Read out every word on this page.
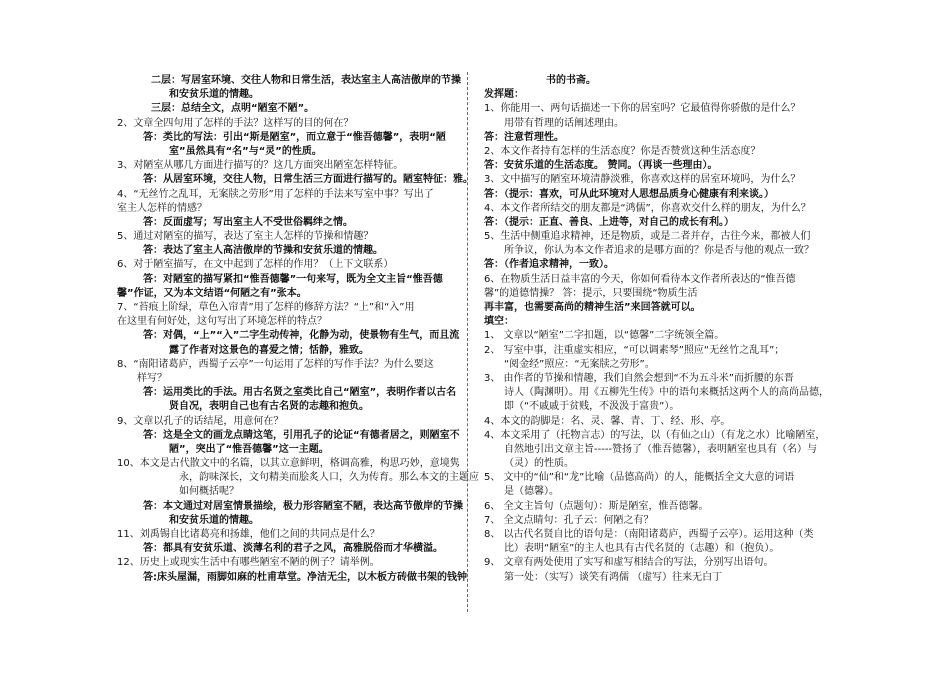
二层：写居室环境、交往人物和日常生活，表达室主人高洁傲岸的节操
和安贫乐道的情趣。
三层：总结全文，点明“陋室不陋”。
2、文章全四句用了怎样的手法？这样写的目的何在？
答：类比的写法：引出“斯是陋室”，而立意于“惟吾德馨”，表明“陋
室”虽然具有“名”与“灵”的性质。
3、对陋室从哪几方面进行描写的？这几方面突出陋室怎样特征。
答：从居室环境，交往人物，日常生活三方面进行描写的。陋室特征：雅。
4、“无丝竹之乱耳，无案牍之劳形”用了怎样的手法来写室中事？写出了
室主人怎样的情感？
答：反面虚写；写出室主人不受世俗羁绊之情。
5、通过对陋室的描写，表达了室主人怎样的节操和情趣？
答：表达了室主人高洁傲岸的节操和安贫乐道的情趣。
6、对于陋室描写，在文中起到了怎样的作用？（上下文联系）
答：对陋室的描写紧扣“惟吾德馨”一句来写，既为全文主旨“惟吾德
馨”作证，又为本文结语“何陋之有”张本。
7、“苔痕上阶绿，草色入帘青”用了怎样的修辞方法？“上”和“入”用
在这里有何好处，这句写出了环境怎样的特点？
答：对偶，“上”“入”二字生动传神，化静为动，使景物有生气，而且流
露了作者对这景色的喜爱之情；恬静，雅致。
8、“南阳诸葛庐，西蜀子云亭”一句运用了怎样的写作手法？为什么要这
样写？
答：运用类比的手法。用古名贤之室类比自己“陋室”，表明作者以古名
贤自况，表明自己也有古名贤的志趣和抱负。
9、文章以孔子的话结尾，用意何在？
答：这是全文的画龙点睛这笔，引用孔子的论证“有德者居之，则陋室不
陋”，突出了“惟吾德馨”这一主题。
10、本文是古代散文中的名篇，以其立意鲜明，格调高雅，构思巧妙，意境隽
永，韵味深长，文句精美而脍炙人口，久为传育。那么本文的主题应
如何概括呢？
答：本文通过对居室情景描绘，极力形容陋室不陋，表达高节傲岸的节操
和安贫乐道的情趣。
11、刘禹锡自比诸葛亮和扬雄，他们之间的共同点是什么？
答：都具有安贫乐道、淡薄名利的君子之风，高雅脱俗而才华横溢。
12、历史上或现实生活中有哪些陋室不陋的例子？请举例。
答:床头屋漏，雨脚如麻的杜甫草堂。净洁无尘，以木板方砖做书架的钱钟
书的书斋。
发挥题：
1、你能用一、两句话描述一下你的居室吗？它最值得你骄傲的是什么？
用带有哲理的话阐述理由。
答：注意哲理性。
2、本文作者持有怎样的生活态度？你是否赞赏这种生活态度？
答：安贫乐道的生活态度。 赞同。（再谈一些理由）。
3、文中描写的陋室环境清静淡雅，你喜欢这样的居室环境吗，为什么？
答：（提示：喜欢，可从此环境对人思想品质身心健康有利来谈。）
4、本文作者所结交的朋友都是“鸿儒”，你喜欢交什么样的朋友，为什么？
答：（提示：正直、善良、上进等，对自己的成长有利。）
5、生活中侧重追求精神，还是物质，或是二者并存，古往今来，都被人们
所争议，你认为本文作者追求的是哪方面的？你是否与他的观点一致？
答：（作者追求精神，一致）。
6、在物质生活日益丰富的今天，你如何看待本文作者所表达的“惟吾德
馨”的道德情操？ 答：提示，只要围绕“物质生活
再丰富，也需要高尚的精神生活”来回答就可以。
填空：
1、 文章以“陋室”二字扣题，以“德馨”二字统领全篇。
2、 写室中事，注重虚实相应，“可以调素琴”照应“无丝竹之乱耳”；
“阅金经”照应：“无案牍之劳形”。
3、 由作者的节操和情趣，我们自然会想到“不为五斗米”而折腰的东晋
诗人（陶渊明）。用《五柳先生传》中的语句来概括这两个人的高尚品德，
即（“不戚戚于贫贱，不汲汲于富贵”）。
4、本文的韵脚是：名、灵、馨、青、丁、经、形、亭。
4、本文采用了（托物言志）的写法，以（有仙之山）（有龙之水）比喻陋室，
自然地引出文章主旨-----赞扬了（惟吾德馨），表明陋室也具有（名）与
（灵）的性质。
5、 文中的“仙”和“龙”比喻（品德高尚）的人，能概括全文大意的词语
是（德馨）。
6、 全文主旨句（点题句）：斯是陋室，惟吾德馨。
7、 全文点睛句：孔子云：何陋之有？
8、 以古代名贤自比的语句是：（南阳诸葛庐，西蜀子云亭）。运用这种（类
比）表明“陋室”的主人也具有古代名贤的（志趣）和（抱负）。
9、 文章有两处使用了实写和虚写相结合的写法，分别写出语句。
第一处：（实写）谈笑有鸿儒 （虚写）往来无白丁
